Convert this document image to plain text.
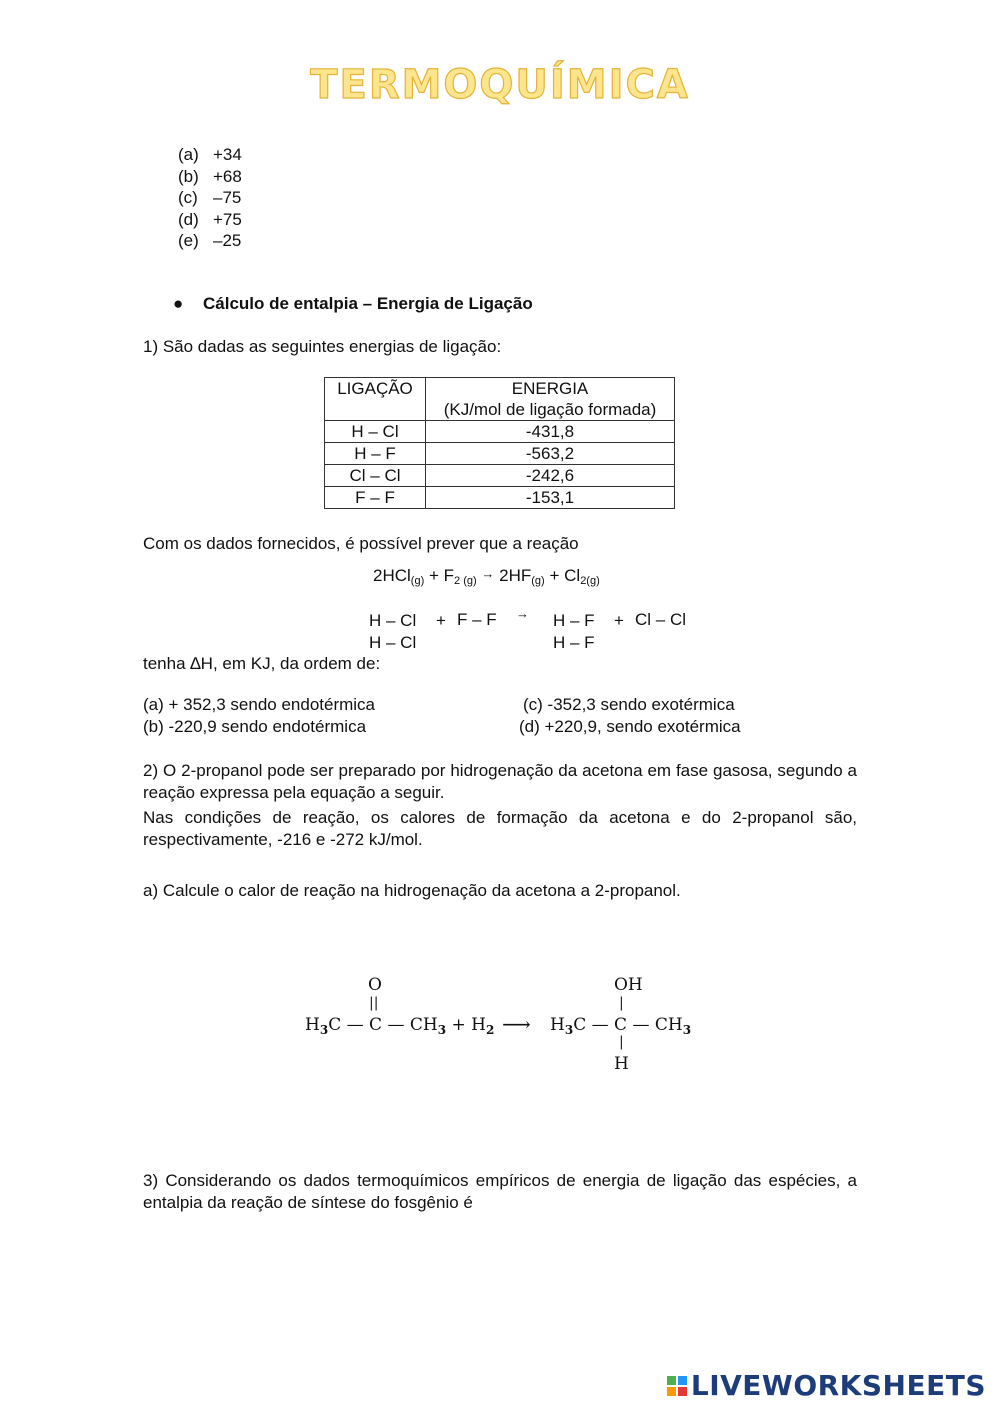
TERMOQUÍMICA
(a) +34
(b) +68
(c) –75
(d) +75
(e) –25
● Cálculo de entalpia – Energia de Ligação
1) São dadas as seguintes energias de ligação:
LIGAÇÃO	ENERGIA
(KJ/mol de ligação formada)

H – Cl	-431,8
H – F	-563,2
Cl – Cl	-242,6
F – F	-153,1
Com os dados fornecidos, é possível prever que a reação
$2HCl_{(g)} + F_{2 (g)} \to 2HF_{(g)} + Cl_{2(g)}$
H – Cl
H – Cl
+ F – F → H – F
H – F
+ Cl – Cl
tenha ∆H, em KJ, da ordem de:
(a) + 352,3 sendo endotérmica
(b) -220,9 sendo endotérmica
(c) -352,3 sendo exotérmica
(d) +220,9, sendo exotérmica
2) O 2-propanol pode ser preparado por hidrogenação da acetona em fase gasosa, segundo a reação expressa pela equação a seguir.
Nas condições de reação, os calores de formação da acetona e do 2-propanol são, respectivamente, -216 e -272 kJ/mol.
a) Calcule o calor de reação na hidrogenação da acetona a 2-propanol.
O
||
$H_3C$ — C — $CH_3 + H_2$ ⟶
OH
|
$H_3C$ — C — $CH_3$
|
H
3) Considerando os dados termoquímicos empíricos de energia de ligação das espécies, a entalpia da reação de síntese do fosgênio é
LIVEWORKSHEETS
